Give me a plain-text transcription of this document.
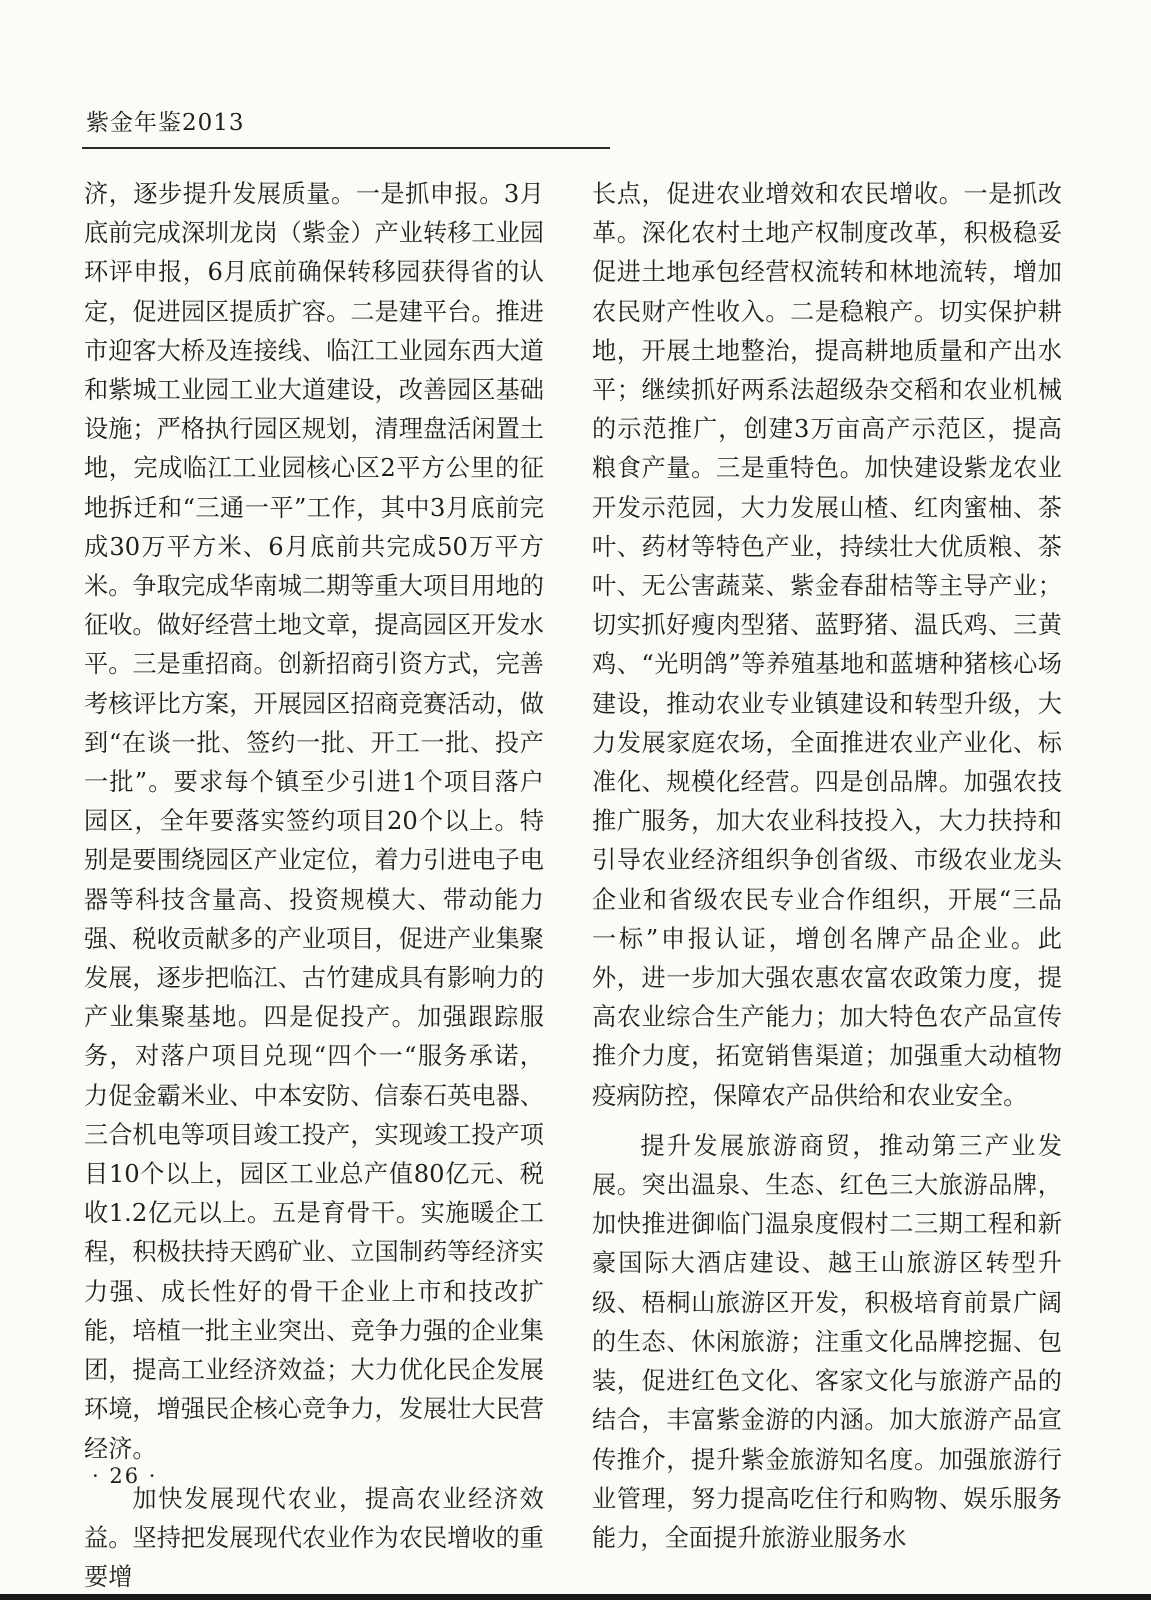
紫金年鉴2013

济，逐步提升发展质量。一是抓申报。3月底前完成深圳龙岗（紫金）产业转移工业园环评申报，6月底前确保转移园获得省的认定，促进园区提质扩容。二是建平台。推进市迎客大桥及连接线、临江工业园东西大道和紫城工业园工业大道建设，改善园区基础设施；严格执行园区规划，清理盘活闲置土地，完成临江工业园核心区2平方公里的征地拆迁和“三通一平”工作，其中3月底前完成30万平方米、6月底前共完成50万平方米。争取完成华南城二期等重大项目用地的征收。做好经营土地文章，提高园区开发水平。三是重招商。创新招商引资方式，完善考核评比方案，开展园区招商竞赛活动，做到“在谈一批、签约一批、开工一批、投产一批”。要求每个镇至少引进1个项目落户园区，全年要落实签约项目20个以上。特别是要围绕园区产业定位，着力引进电子电器等科技含量高、投资规模大、带动能力强、税收贡献多的产业项目，促进产业集聚发展，逐步把临江、古竹建成具有影响力的产业集聚基地。四是促投产。加强跟踪服务，对落户项目兑现“四个一“服务承诺，力促金霸米业、中本安防、信泰石英电器、三合机电等项目竣工投产，实现竣工投产项目10个以上，园区工业总产值80亿元、税收1.2亿元以上。五是育骨干。实施暖企工程，积极扶持天鸥矿业、立国制药等经济实力强、成长性好的骨干企业上市和技改扩能，培植一批主业突出、竞争力强的企业集团，提高工业经济效益；大力优化民企发展环境，增强民企核心竞争力，发展壮大民营经济。

加快发展现代农业，提高农业经济效益。坚持把发展现代农业作为农民增收的重要增

长点，促进农业增效和农民增收。一是抓改革。深化农村土地产权制度改革，积极稳妥促进土地承包经营权流转和林地流转，增加农民财产性收入。二是稳粮产。切实保护耕地，开展土地整治，提高耕地质量和产出水平；继续抓好两系法超级杂交稻和农业机械的示范推广，创建3万亩高产示范区，提高粮食产量。三是重特色。加快建设紫龙农业开发示范园，大力发展山楂、红肉蜜柚、茶叶、药材等特色产业，持续壮大优质粮、茶叶、无公害蔬菜、紫金春甜桔等主导产业；切实抓好瘦肉型猪、蓝野猪、温氏鸡、三黄鸡、“光明鸽”等养殖基地和蓝塘种猪核心场建设，推动农业专业镇建设和转型升级，大力发展家庭农场，全面推进农业产业化、标准化、规模化经营。四是创品牌。加强农技推广服务，加大农业科技投入，大力扶持和引导农业经济组织争创省级、市级农业龙头企业和省级农民专业合作组织，开展“三品一标”申报认证，增创名牌产品企业。此外，进一步加大强农惠农富农政策力度，提高农业综合生产能力；加大特色农产品宣传推介力度，拓宽销售渠道；加强重大动植物疫病防控，保障农产品供给和农业安全。

提升发展旅游商贸，推动第三产业发展。突出温泉、生态、红色三大旅游品牌，加快推进御临门温泉度假村二三期工程和新豪国际大酒店建设、越王山旅游区转型升级、梧桐山旅游区开发，积极培育前景广阔的生态、休闲旅游；注重文化品牌挖掘、包装，促进红色文化、客家文化与旅游产品的结合，丰富紫金游的内涵。加大旅游产品宣传推介，提升紫金旅游知名度。加强旅游行业管理，努力提高吃住行和购物、娱乐服务能力，全面提升旅游业服务水

· 26 ·
